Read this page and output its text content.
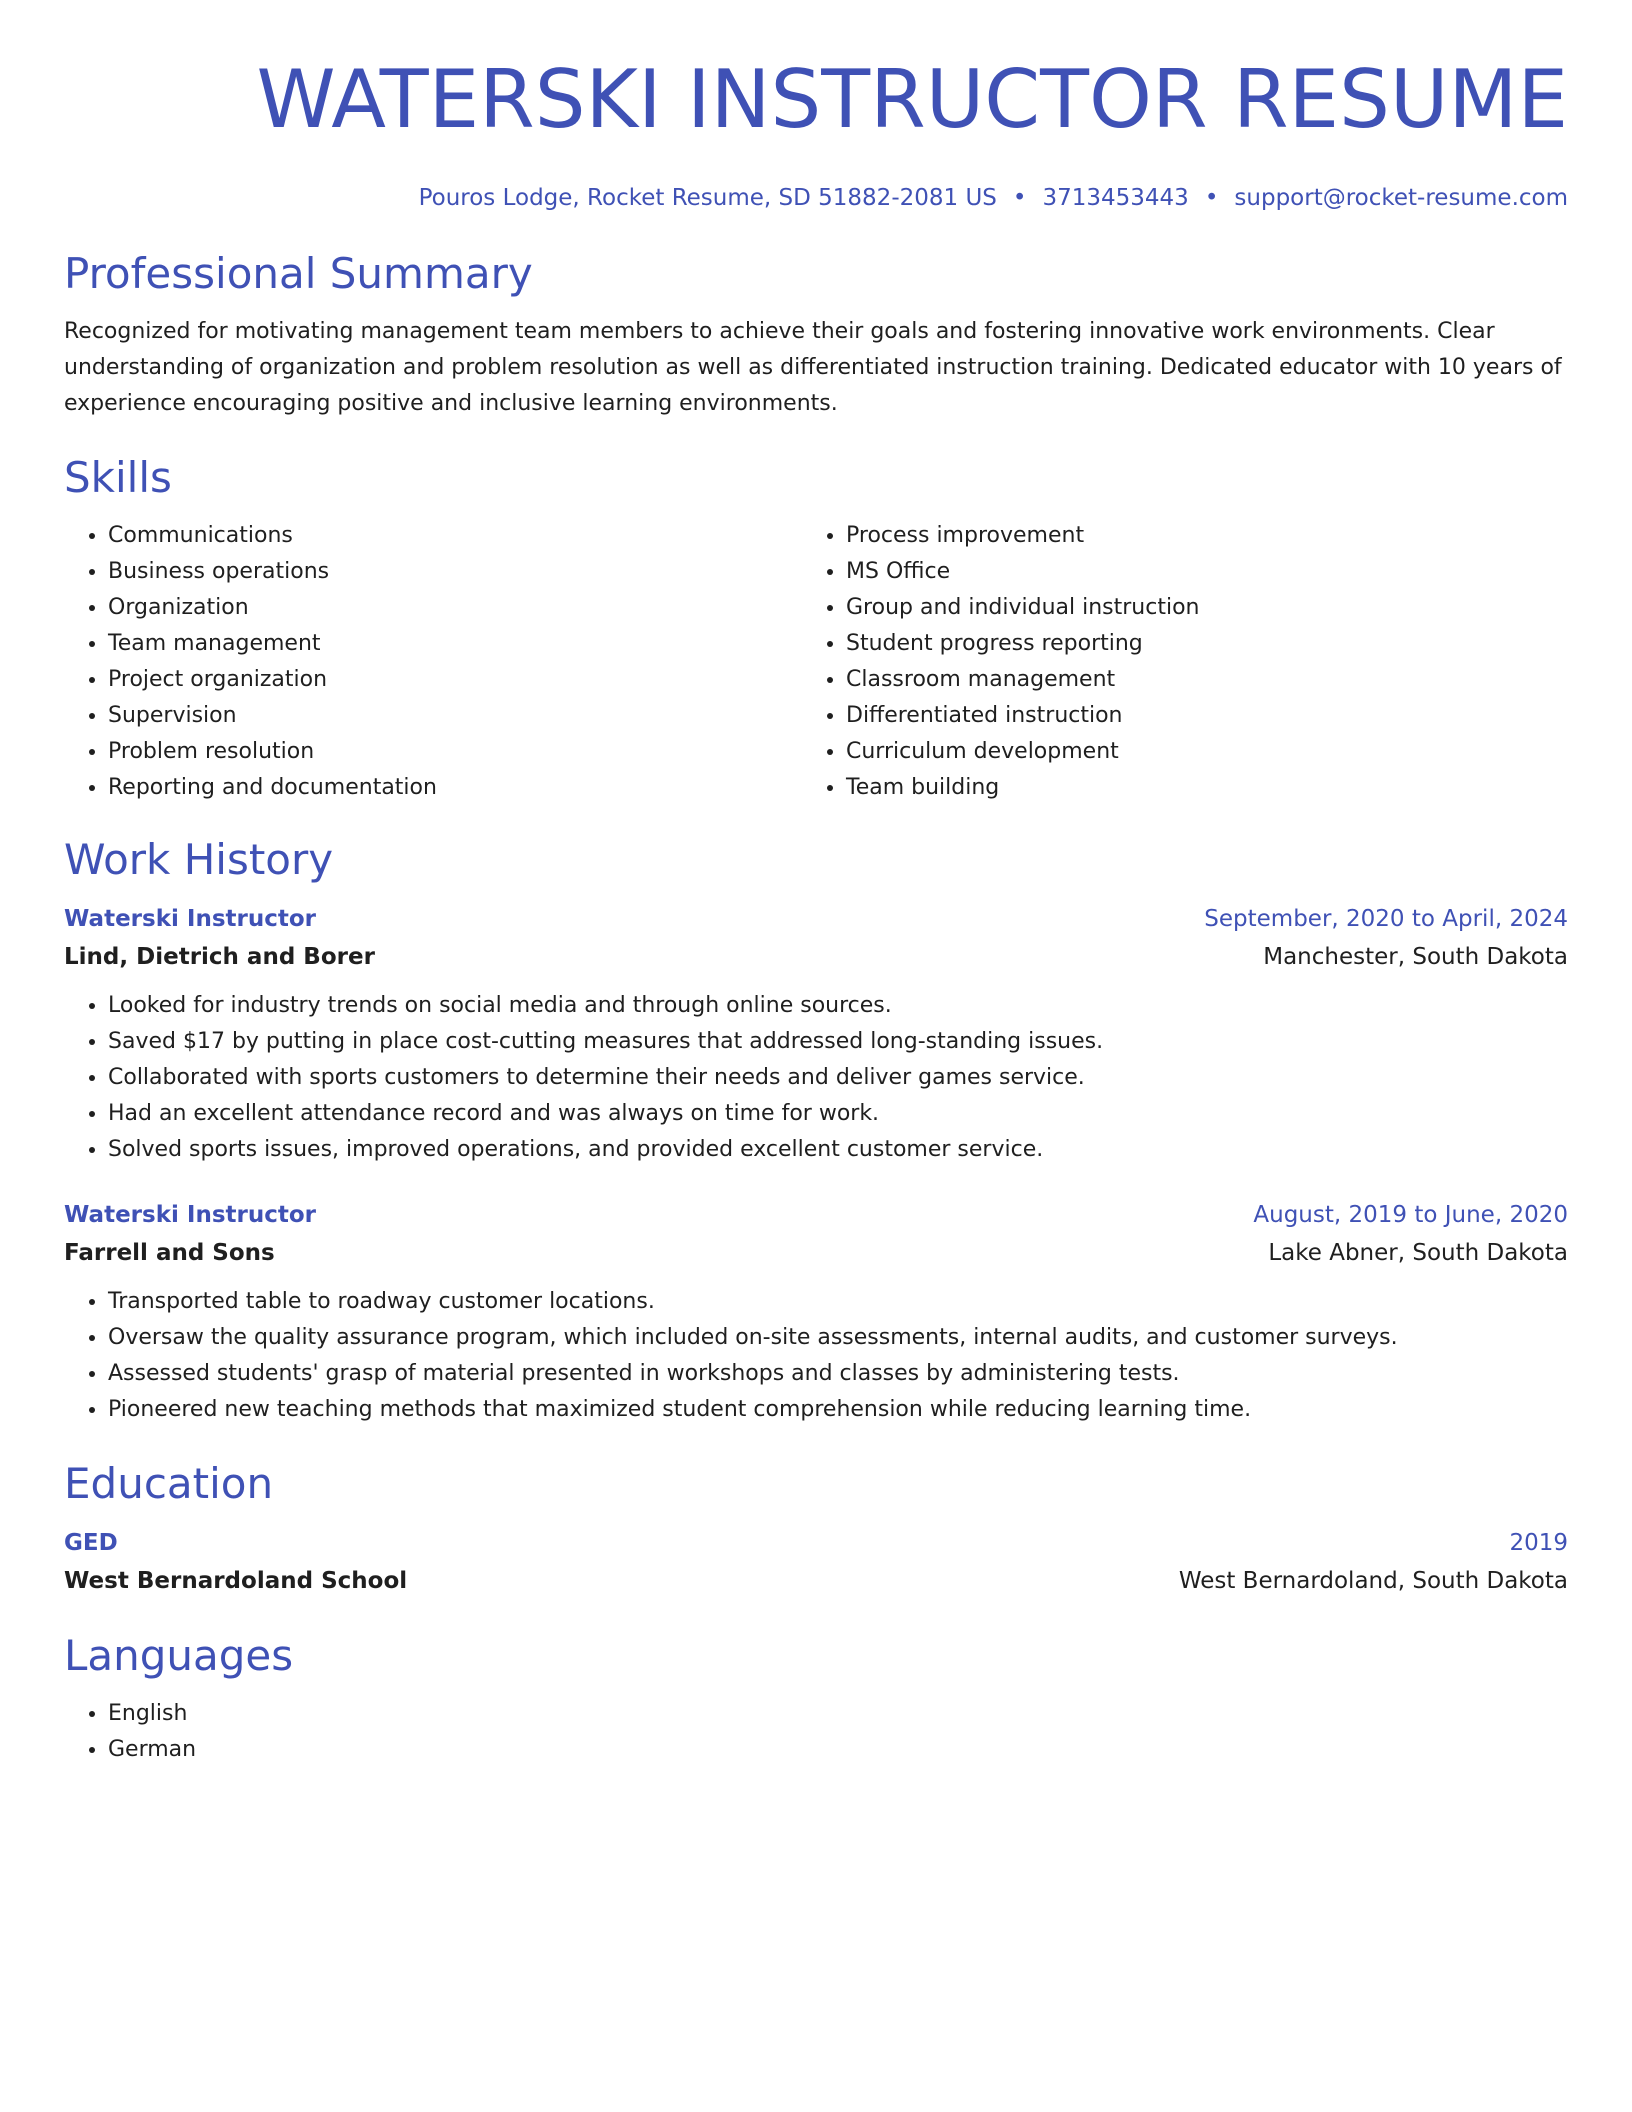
WATERSKI INSTRUCTOR RESUME
Pouros Lodge, Rocket Resume, SD 51882-2081 US • 3713453443 • support@rocket-resume.com
Professional Summary
Recognized for motivating management team members to achieve their goals and fostering innovative work environments. Clear understanding of organization and problem resolution as well as differentiated instruction training. Dedicated educator with 10 years of experience encouraging positive and inclusive learning environments.
Skills
• Communications
• Business operations
• Organization
• Team management
• Project organization
• Supervision
• Problem resolution
• Reporting and documentation
• Process improvement
• MS Office
• Group and individual instruction
• Student progress reporting
• Classroom management
• Differentiated instruction
• Curriculum development
• Team building
Work History
Waterski Instructor	September, 2020 to April, 2024
Lind, Dietrich and Borer	Manchester, South Dakota
• Looked for industry trends on social media and through online sources.
• Saved $17 by putting in place cost-cutting measures that addressed long-standing issues.
• Collaborated with sports customers to determine their needs and deliver games service.
• Had an excellent attendance record and was always on time for work.
• Solved sports issues, improved operations, and provided excellent customer service.
Waterski Instructor	August, 2019 to June, 2020
Farrell and Sons	Lake Abner, South Dakota
• Transported table to roadway customer locations.
• Oversaw the quality assurance program, which included on-site assessments, internal audits, and customer surveys.
• Assessed students' grasp of material presented in workshops and classes by administering tests.
• Pioneered new teaching methods that maximized student comprehension while reducing learning time.
Education
GED	2019
West Bernardoland School	West Bernardoland, South Dakota
Languages
• English
• German
